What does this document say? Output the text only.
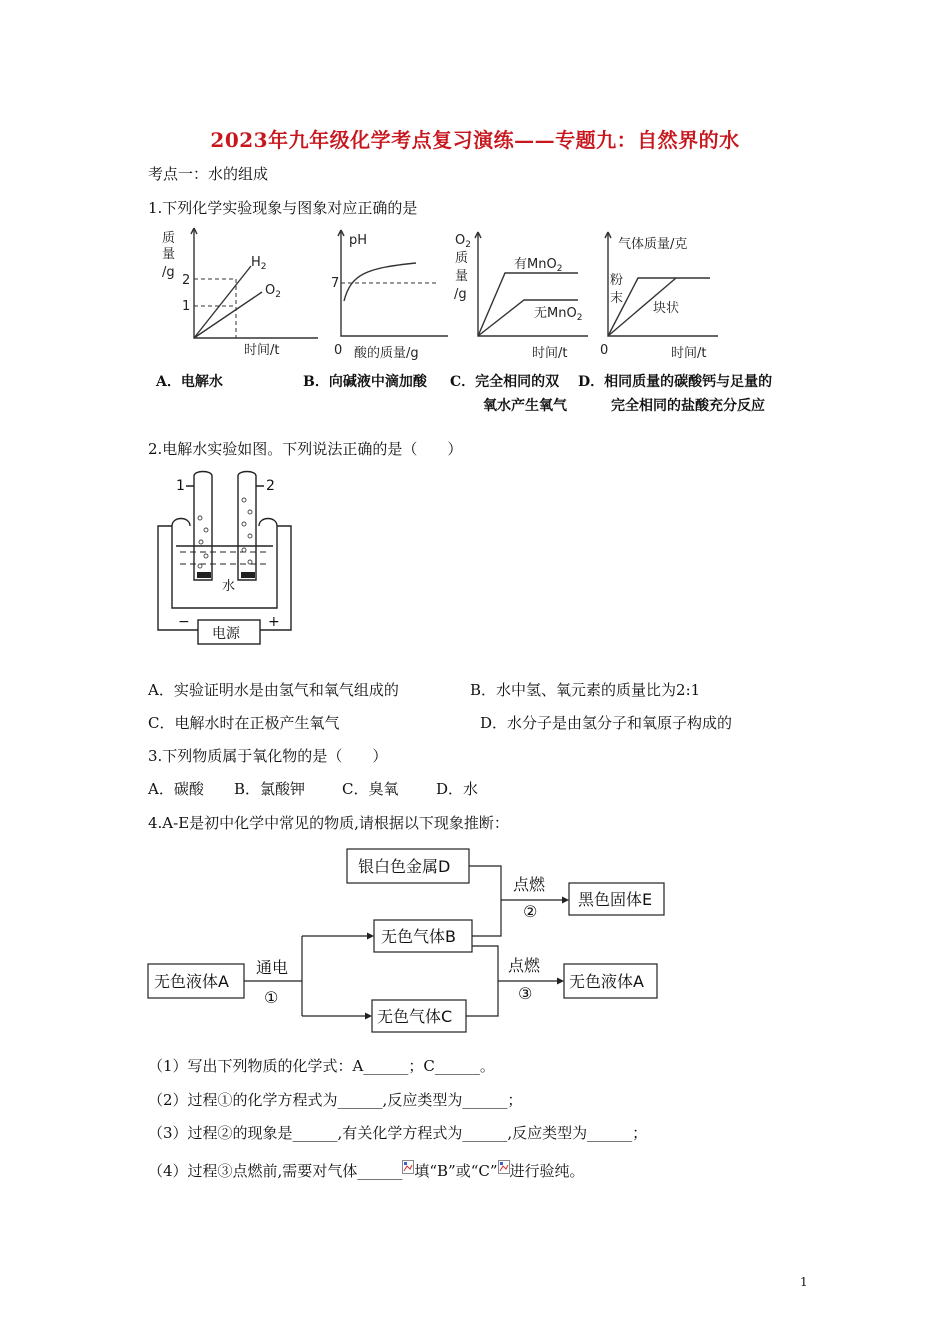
2023年九年级化学考点复习演练——专题九：自然界的水
考点一：水的组成
1.下列化学实验现象与图象对应正确的是
质
量
/g
2
1
$H_2$
$O_2$
时间/t
pH
7
0 酸的质量/g
$O_2$
质
量
/g
有MnO$_2$
无MnO$_2$
时间/t
气体质量/克
粉
末
块状
0	时间/t
A．电解水	B．向碱液中滴加酸 C．完全相同的双
氧水产生氧气
D．相同质量的碳酸钙与足量的
完全相同的盐酸充分反应
2.电解水实验如图。下列说法正确的是（　　）
1	2
水
电源
−	+
A．实验证明水是由氢气和氧气组成的	B．水中氢、氧元素的质量比为2:1
C．电解水时在正极产生氧气	D．水分子是由氢分子和氧原子构成的
3.下列物质属于氧化物的是（　　）
A．碳酸 B．氯酸钾 C．臭氧	D．水
4.A-E是初中化学中常见的物质,请根据以下现象推断：
银白色金属D
黑色固体E
无色气体B
无色液体A
无色气体C
无色液体A
点燃
②
通电
①
点燃
③
（1）写出下列物质的化学式：A______；C______。
（2）过程①的化学方程式为______,反应类型为______；
（3）过程②的现象是______,有关化学方程式为______,反应类型为______；
（4）过程③点燃前,需要对气体______ 填“B”或“C” 进行验纯。
1
